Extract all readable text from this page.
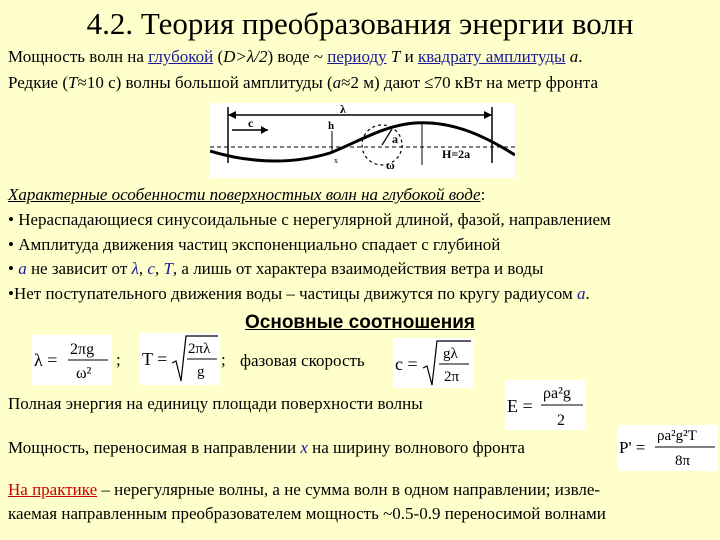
4.2. Теория преобразования энергии волн
Мощность волн на глубокой (D>λ/2) воде ~ периоду T и квадрату амплитуды a.
Редкие (T≈10 с) волны большой амплитуды (a≈2 м) дают ≤70 кВт на метр фронта
λ
c
a
ω
h
x	H=2a
Характерные особенности поверхностных волн на глубокой воде:
• Нераспадающиеся синусоидальные с нерегулярной длиной, фазой, направлением
• Амплитуда движения частиц экспоненциально спадает с глубиной
• a не зависит от λ, c, T, а лишь от характера взаимодействия ветра и воды
•Нет поступательного движения воды – частицы движутся по кругу радиусом a.
Основные соотношения
λ =
2πg
ω²
; T = 2πλ
g
; фазовая скорость c = gλ
2π
Полная энергия на единицу площади поверхности волны	E =
ρa²g
2
Мощность, переносимая в направлении x на ширину волнового фронта	P' =
ρa²g²T
8π
На практике – нерегулярные волны, а не сумма волн в одном направлении; извле-
каемая направленным преобразователем мощность ~0.5-0.9 переносимой волнами
